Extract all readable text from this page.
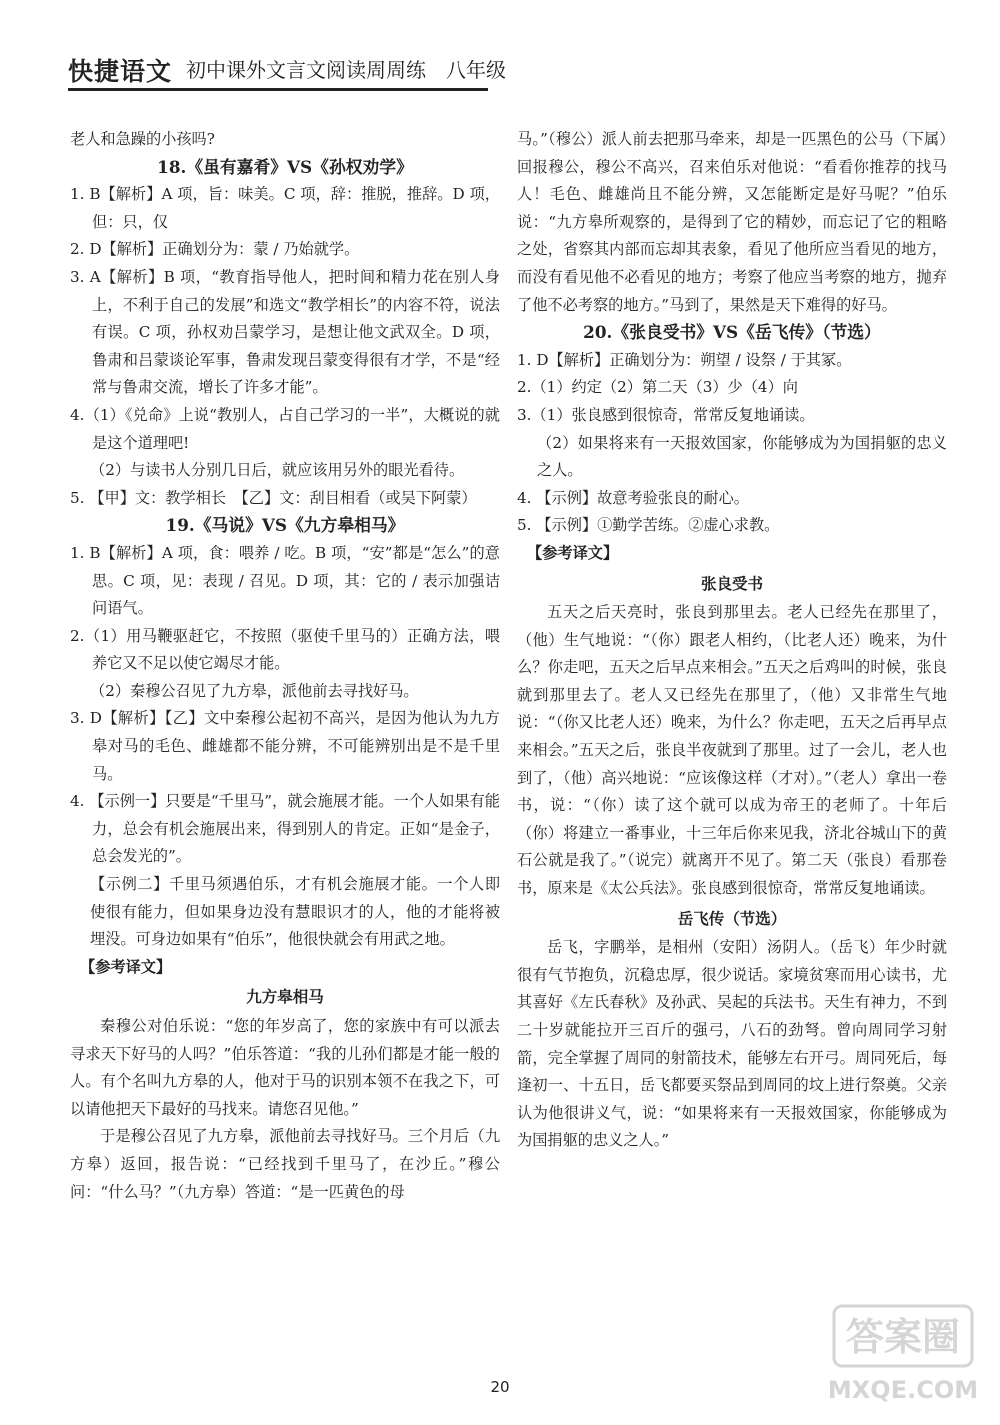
快捷语文 初中课外文言文阅读周周练　八年级

老人和急躁的小孩吗?

18.《虽有嘉肴》VS《孙权劝学》

1. B【解析】A 项，旨：味美。C 项，辞：推脱，推辞。D 项，但：只，仅

2. D【解析】正确划分为：蒙 / 乃始就学。

3. A【解析】B 项，“教育指导他人，把时间和精力花在别人身上，不利于自己的发展”和选文“教学相长”的内容不符，说法有误。C 项，孙权劝吕蒙学习，是想让他文武双全。D 项，鲁肃和吕蒙谈论军事，鲁肃发现吕蒙变得很有才学，不是“经常与鲁肃交流，增长了许多才能”。

4.（1）《兑命》上说“教别人，占自己学习的一半”，大概说的就是这个道理吧!

（2）与读书人分别几日后，就应该用另外的眼光看待。

5. 【甲】文：教学相长　【乙】文：刮目相看（或吴下阿蒙）

19.《马说》VS《九方皋相马》

1. B【解析】A 项，食：喂养 / 吃。B 项，“安”都是“怎么”的意思。C 项，见：表现 / 召见。D 项，其：它的 / 表示加强诘问语气。

2.（1）用马鞭驱赶它，不按照（驱使千里马的）正确方法，喂养它又不足以使它竭尽才能。

（2）秦穆公召见了九方皋，派他前去寻找好马。

3. D【解析】【乙】文中秦穆公起初不高兴，是因为他认为九方皋对马的毛色、雌雄都不能分辨，不可能辨别出是不是千里马。

4. 【示例一】只要是“千里马”，就会施展才能。一个人如果有能力，总会有机会施展出来，得到别人的肯定。正如“是金子，总会发光的”。

【示例二】千里马须遇伯乐，才有机会施展才能。一个人即使很有能力，但如果身边没有慧眼识才的人，他的才能将被埋没。可身边如果有“伯乐”，他很快就会有用武之地。

【参考译文】

九方皋相马

秦穆公对伯乐说：“您的年岁高了，您的家族中有可以派去寻求天下好马的人吗？”伯乐答道：“我的儿孙们都是才能一般的人。有个名叫九方皋的人，他对于马的识别本领不在我之下，可以请他把天下最好的马找来。请您召见他。”

于是穆公召见了九方皋，派他前去寻找好马。三个月后（九方皋）返回，报告说：“已经找到千里马了，在沙丘。”穆公问：“什么马？”（九方皋）答道：“是一匹黄色的母

马。”（穆公）派人前去把那马牵来，却是一匹黑色的公马（下属）回报穆公，穆公不高兴，召来伯乐对他说：“看看你推荐的找马人！毛色、雌雄尚且不能分辨，又怎能断定是好马呢？”伯乐说：“九方皋所观察的，是得到了它的精妙，而忘记了它的粗略之处，省察其内部而忘却其表象，看见了他所应当看见的地方，而没有看见他不必看见的地方；考察了他应当考察的地方，抛弃了他不必考察的地方。”马到了，果然是天下难得的好马。

20.《张良受书》VS《岳飞传》（节选）

1. D【解析】正确划分为：朔望 / 设祭 / 于其冢。

2.（1）约定（2）第二天（3）少（4）向

3.（1）张良感到很惊奇，常常反复地诵读。

（2）如果将来有一天报效国家，你能够成为为国捐躯的忠义之人。

4. 【示例】故意考验张良的耐心。

5. 【示例】①勤学苦练。②虚心求教。

【参考译文】

张良受书

五天之后天亮时，张良到那里去。老人已经先在那里了，（他）生气地说：“（你）跟老人相约，（比老人还）晚来，为什么？你走吧，五天之后早点来相会。”五天之后鸡叫的时候，张良就到那里去了。老人又已经先在那里了，（他）又非常生气地说：“（你又比老人还）晚来，为什么？你走吧，五天之后再早点来相会。”五天之后，张良半夜就到了那里。过了一会儿，老人也到了，（他）高兴地说：“应该像这样（才对）。”（老人）拿出一卷书，说：“（你）读了这个就可以成为帝王的老师了。十年后（你）将建立一番事业，十三年后你来见我，济北谷城山下的黄石公就是我了。”（说完）就离开不见了。第二天（张良）看那卷书，原来是《太公兵法》。张良感到很惊奇，常常反复地诵读。

岳飞传（节选）

岳飞，字鹏举，是相州（安阳）汤阴人。（岳飞）年少时就很有气节抱负，沉稳忠厚，很少说话。家境贫寒而用心读书，尤其喜好《左氏春秋》及孙武、吴起的兵法书。天生有神力，不到二十岁就能拉开三百斤的强弓，八石的劲弩。曾向周同学习射箭，完全掌握了周同的射箭技术，能够左右开弓。周同死后，每逢初一、十五日，岳飞都要买祭品到周同的坟上进行祭奠。父亲认为他很讲义气，说：“如果将来有一天报效国家，你能够成为为国捐躯的忠义之人。”

20
答案圈
MXQE.COM
